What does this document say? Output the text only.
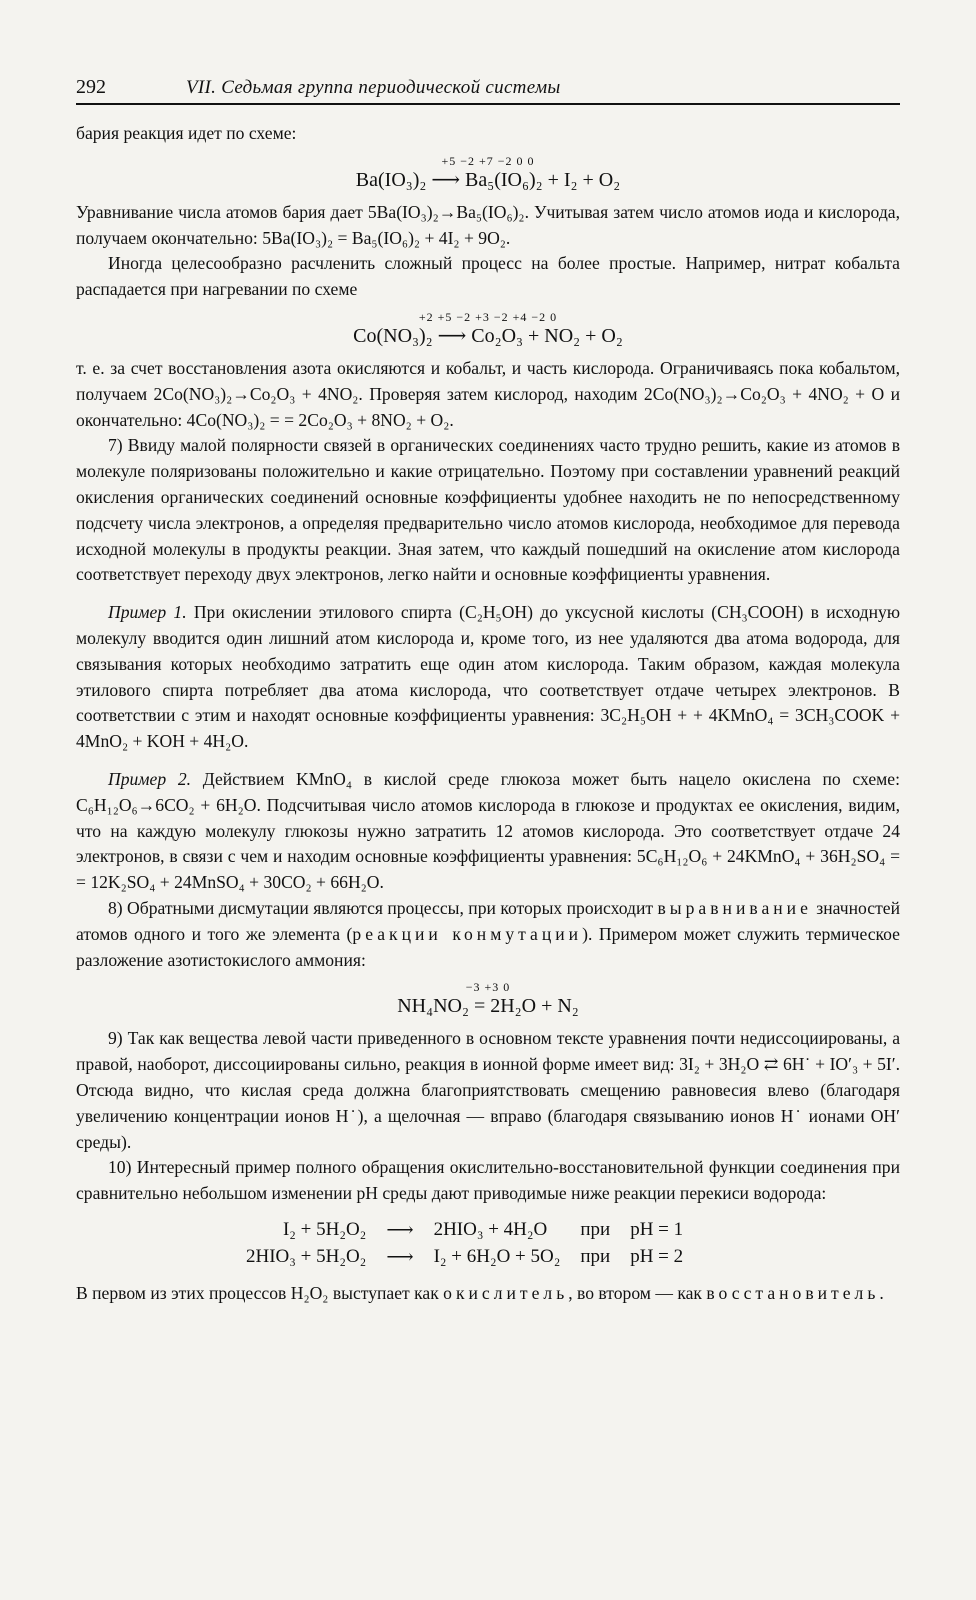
292	VII. Седьмая группа периодической системы

бария реакция идет по схеме:

+5 −2 +7 −2 0 0
Ba(IO₃)₂ ⟶ Ba₅(IO₆)₂ + I₂ + O₂

Уравнивание числа атомов бария дает 5Ba(IO₃)₂→Ba₅(IO₆)₂. Учитывая затем число атомов иода и кислорода, получаем окончательно: 5Ba(IO₃)₂ = Ba₅(IO₆)₂ + 4I₂ + 9O₂.

Иногда целесообразно расчленить сложный процесс на более простые. Например, нитрат кобальта распадается при нагревании по схеме

+2 +5 −2 +3 −2 +4 −2 0
Co(NO₃)₂ ⟶ Co₂O₃ + NO₂ + O₂

т. е. за счет восстановления азота окисляются и кобальт, и часть кислорода. Ограничиваясь пока кобальтом, получаем 2Co(NO₃)₂→Co₂O₃ + 4NO₂. Проверяя затем кислород, находим 2Co(NO₃)₂→Co₂O₃ + 4NO₂ + O и окончательно: 4Co(NO₃)₂ = = 2Co₂O₃ + 8NO₂ + O₂.

7) Ввиду малой полярности связей в органических соединениях часто трудно решить, какие из атомов в молекуле поляризованы положительно и какие отрицательно. Поэтому при составлении уравнений реакций окисления органических соединений основные коэффициенты удобнее находить не по непосредственному подсчету числа электронов, а определяя предварительно число атомов кислорода, необходимое для перевода исходной молекулы в продукты реакции. Зная затем, что каждый пошедший на окисление атом кислорода соответствует переходу двух электронов, легко найти и основные коэффициенты уравнения.

Пример 1. При окислении этилового спирта (C₂H₅OH) до уксусной кислоты (CH₃COOH) в исходную молекулу вводится один лишний атом кислорода и, кроме того, из нее удаляются два атома водорода, для связывания которых необходимо затратить еще один атом кислорода. Таким образом, каждая молекула этилового спирта потребляет два атома кислорода, что соответствует отдаче четырех электронов. В соответствии с этим и находят основные коэффициенты уравнения: 3C₂H₅OH + + 4KMnO₄ = 3CH₃COOK + 4MnO₂ + KOH + 4H₂O.

Пример 2. Действием KMnO₄ в кислой среде глюкоза может быть нацело окислена по схеме: C₆H₁₂O₆→6CO₂ + 6H₂O. Подсчитывая число атомов кислорода в глюкозе и продуктах ее окисления, видим, что на каждую молекулу глюкозы нужно затратить 12 атомов кислорода. Это соответствует отдаче 24 электронов, в связи с чем и находим основные коэффициенты уравнения: 5C₆H₁₂O₆ + 24KMnO₄ + 36H₂SO₄ = = 12K₂SO₄ + 24MnSO₄ + 30CO₂ + 66H₂O.

8) Обратными дисмутации являются процессы, при которых происходит выравнивание значностей атомов одного и того же элемента (реакции конмутации). Примером может служить термическое разложение азотистокислого аммония:

−3 +3 0
NH₄NO₂ = 2H₂O + N₂

9) Так как вещества левой части приведенного в основном тексте уравнения почти недиссоциированы, а правой, наоборот, диссоциированы сильно, реакция в ионной форме имеет вид: 3I₂ + 3H₂O ⇄ 6H˙ + IO′₃ + 5I′. Отсюда видно, что кислая среда должна благоприятствовать смещению равновесия влево (благодаря увеличению концентрации ионов H˙), а щелочная — вправо (благодаря связыванию ионов H˙ ионами OH′ среды).

10) Интересный пример полного обращения окислительно-восстановительной функции соединения при сравнительно небольшом изменении pH среды дают приводимые ниже реакции перекиси водорода:

I₂ + 5H₂O₂	⟶	2HIO₃ + 4H₂O	при	pH = 1
2HIO₃ + 5H₂O₂	⟶	I₂ + 6H₂O + 5O₂	при	pH = 2

В первом из этих процессов H₂O₂ выступает как окислитель, во втором — как восстановитель.
